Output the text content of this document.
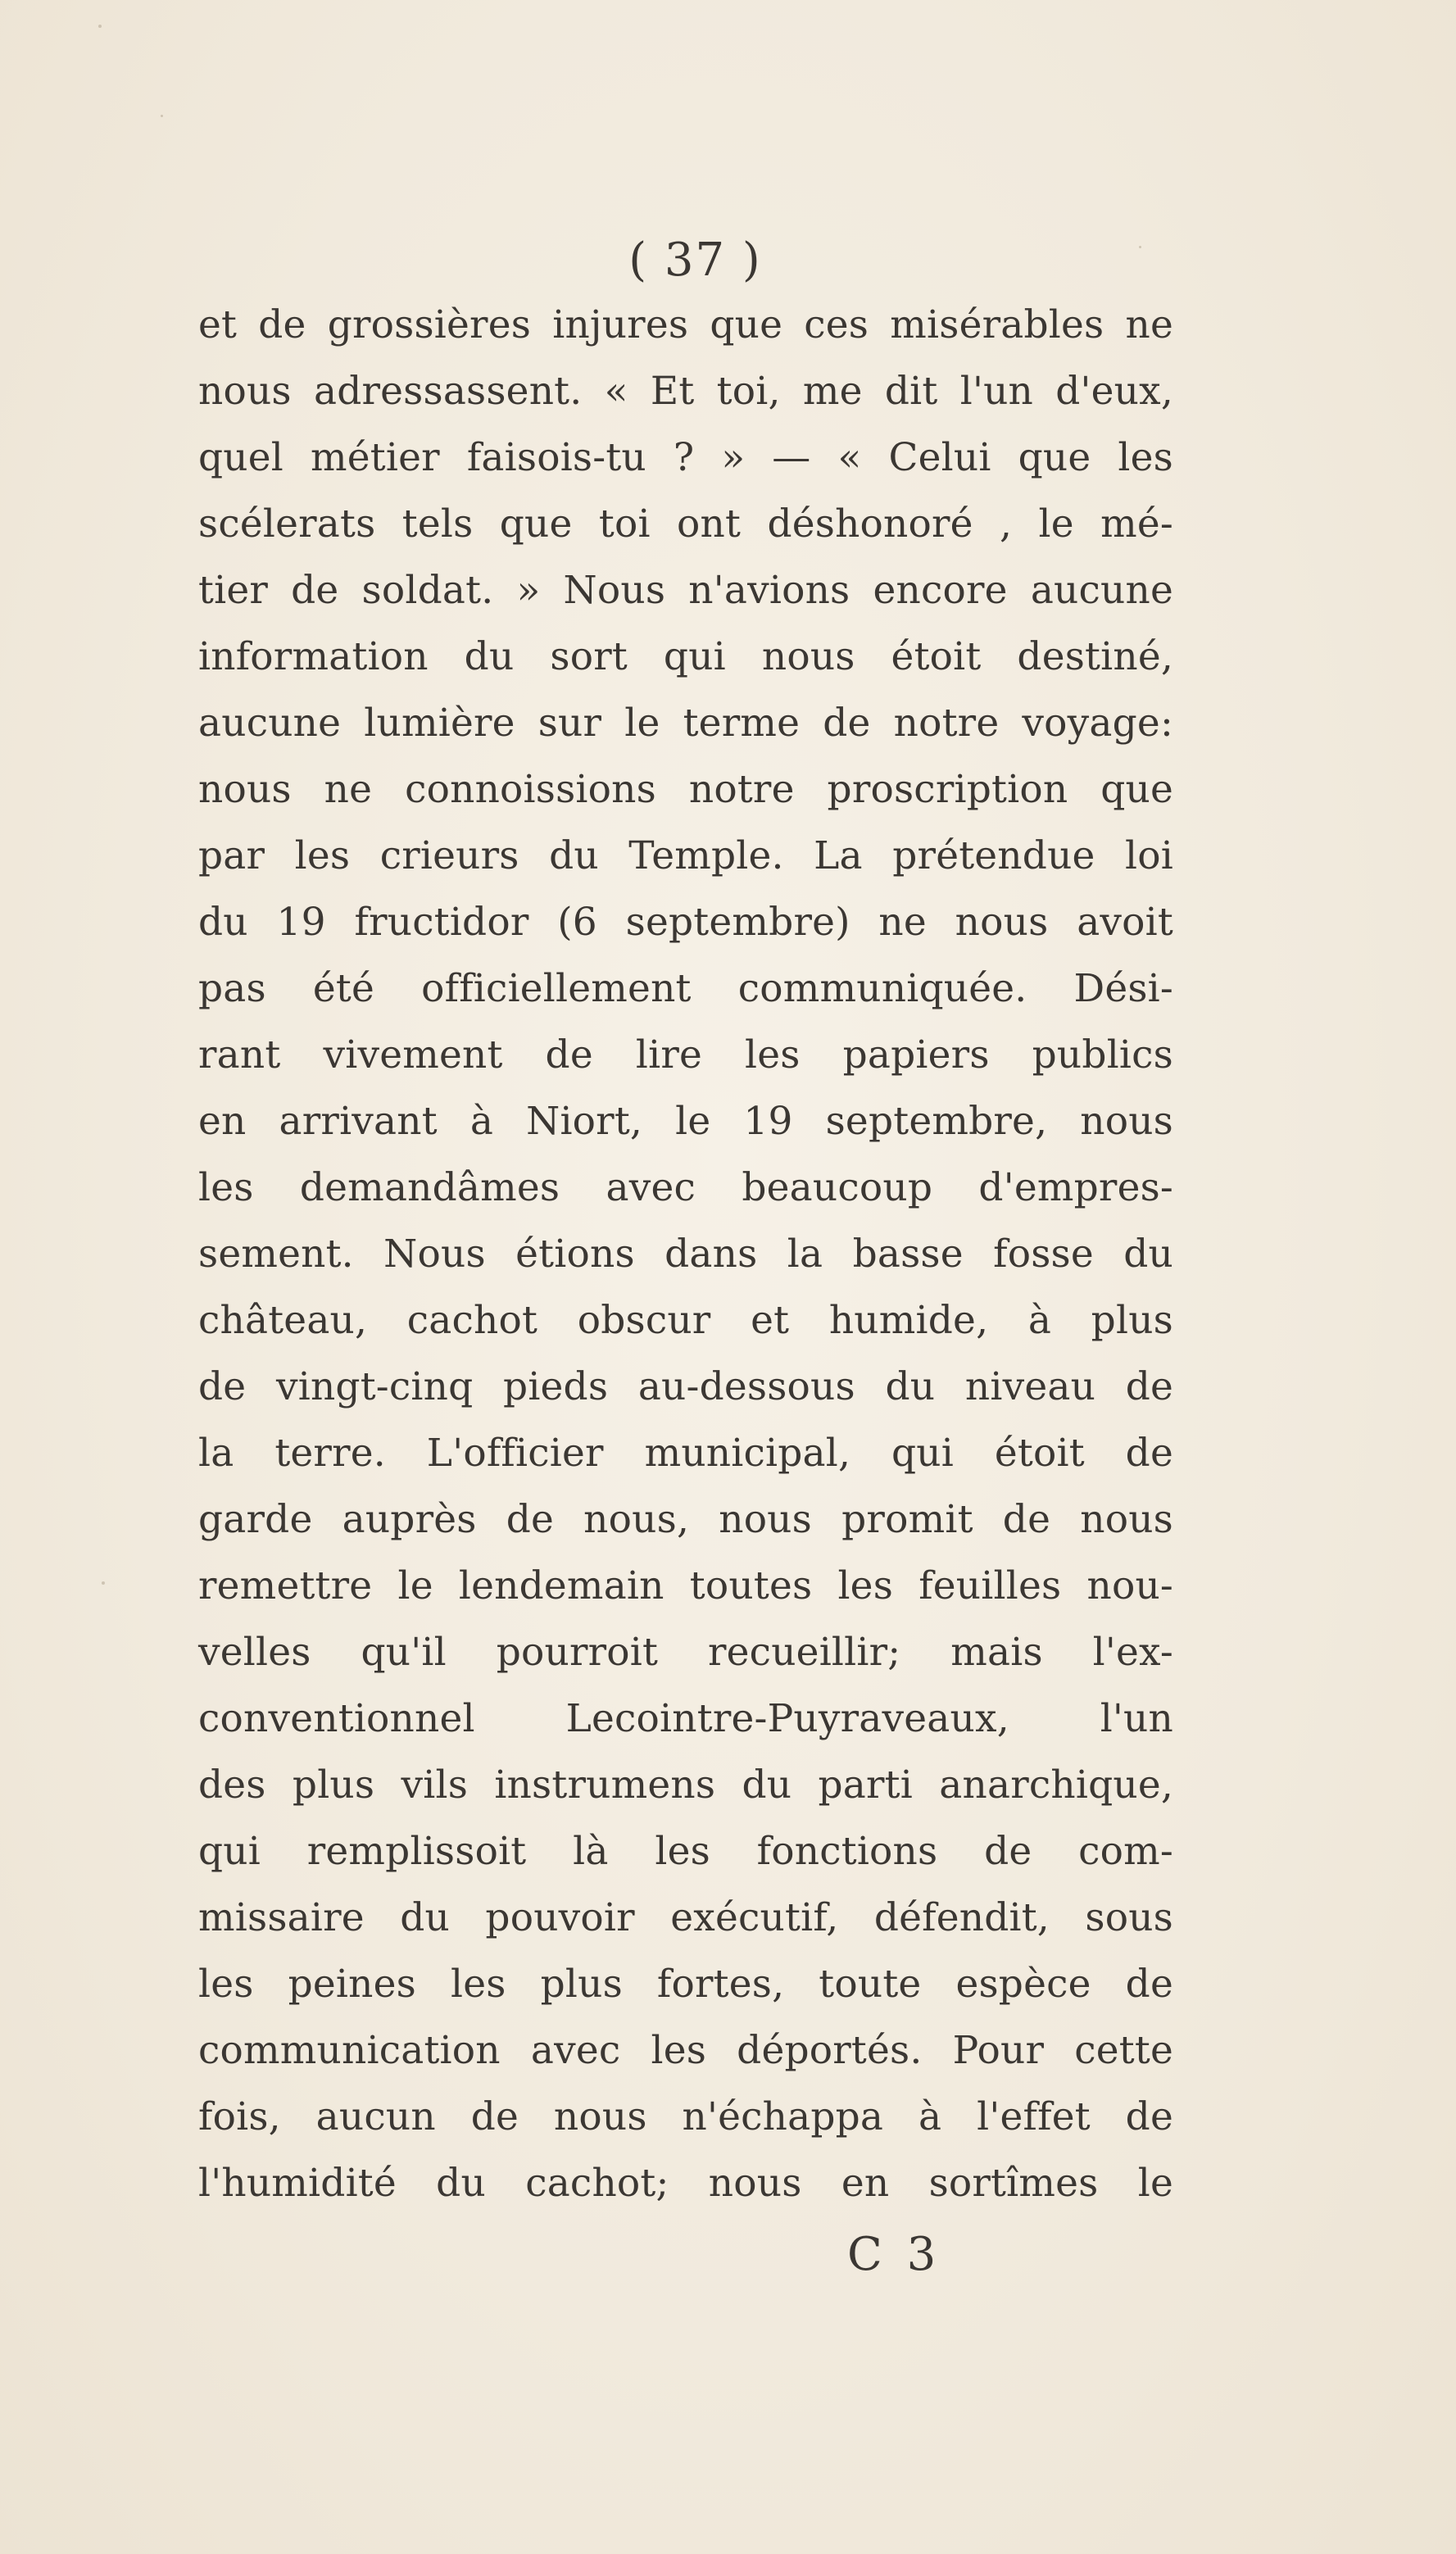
( 37 )
et de grossières injures que ces misérables ne
nous adressassent. « Et toi, me dit l'un d'eux,
quel métier faisois-tu ? » — « Celui que les
scélerats tels que toi ont déshonoré , le mé-
tier de soldat. » Nous n'avions encore aucune
information du sort qui nous étoit destiné,
aucune lumière sur le terme de notre voyage:
nous ne connoissions notre proscription que
par les crieurs du Temple. La prétendue loi
du 19 fructidor (6 septembre) ne nous avoit
pas été officiellement communiquée. Dési-
rant vivement de lire les papiers publics
en arrivant à Niort, le 19 septembre, nous
les demandâmes avec beaucoup d'empres-
sement. Nous étions dans la basse fosse du
château, cachot obscur et humide, à plus
de vingt-cinq pieds au-dessous du niveau de
la terre. L'officier municipal, qui étoit de
garde auprès de nous, nous promit de nous
remettre le lendemain toutes les feuilles nou-
velles qu'il pourroit recueillir; mais l'ex-
conventionnel Lecointre-Puyraveaux, l'un
des plus vils instrumens du parti anarchique,
qui remplissoit là les fonctions de com-
missaire du pouvoir exécutif, défendit, sous
les peines les plus fortes, toute espèce de
communication avec les déportés. Pour cette
fois, aucun de nous n'échappa à l'effet de
l'humidité du cachot; nous en sortîmes le
C 3
